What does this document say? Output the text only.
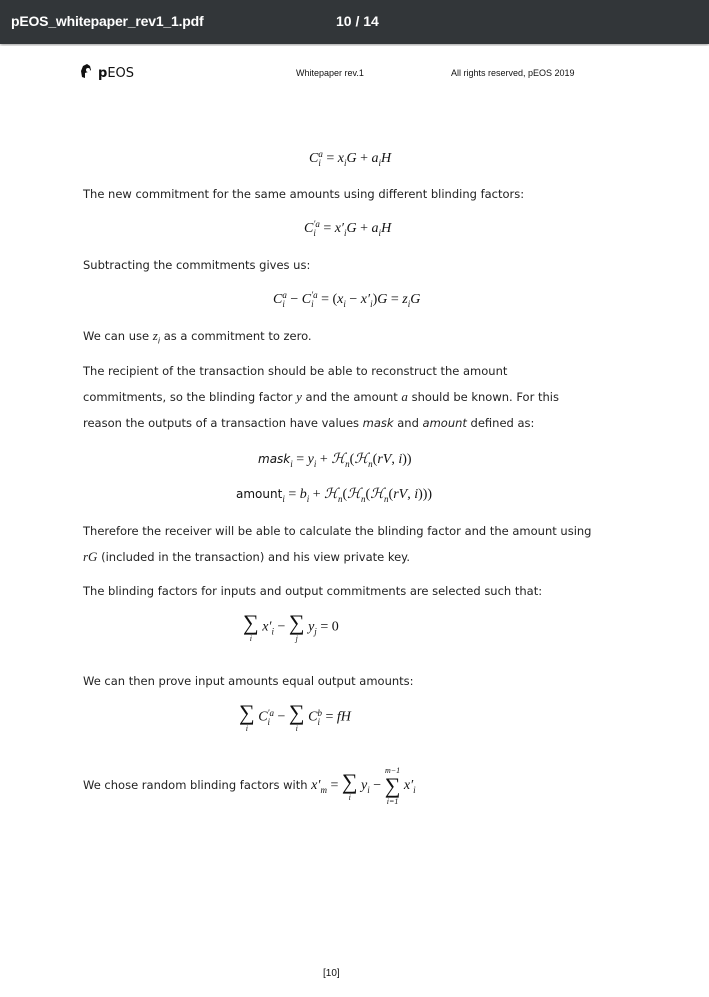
pEOS_whitepaper_rev1_1.pdf	10 / 14
pEOS	Whitepaper rev.1	All rights reserved, pEOS 2019
C a
$i = x_iG + a_iH$
The new commitment for the same amounts using different blinding factors:
C ′a
$i = x'_iG + a_iH$
Subtracting the commitments gives us:
C a
i − C ′a
$i = (x_i - x'_i)G = z_iG$
We can use $z_i$ as a commitment to zero.
The recipient of the transaction should be able to reconstruct the amount commitments, so the blinding factor y and the amount a should be known. For this reason the outputs of a transaction have values mask and amount defined as:
mask$_i$ = $y_i$ + ℋ$_n$(ℋ$_n$(rV, i))
amount$_i$ = $b_i$ + ℋ$_n$(ℋ$_n$(ℋ$_n$(rV, i)))
Therefore the receiver will be able to calculate the blinding factor and the amount using rG (included in the transaction) and his view private key.
The blinding factors for inputs and output commitments are selected such that:
∑
i
$x'_i$ − ∑
j
$y_j = 0$
We can then prove input amounts equal output amounts:
∑
i
C ′a
i − ∑
i
C b
i = fH
We chose random blinding factors with $x'_m$ = ∑
i
$y_i$ −
m−1
∑
i=1
$x'_i$
[10]
